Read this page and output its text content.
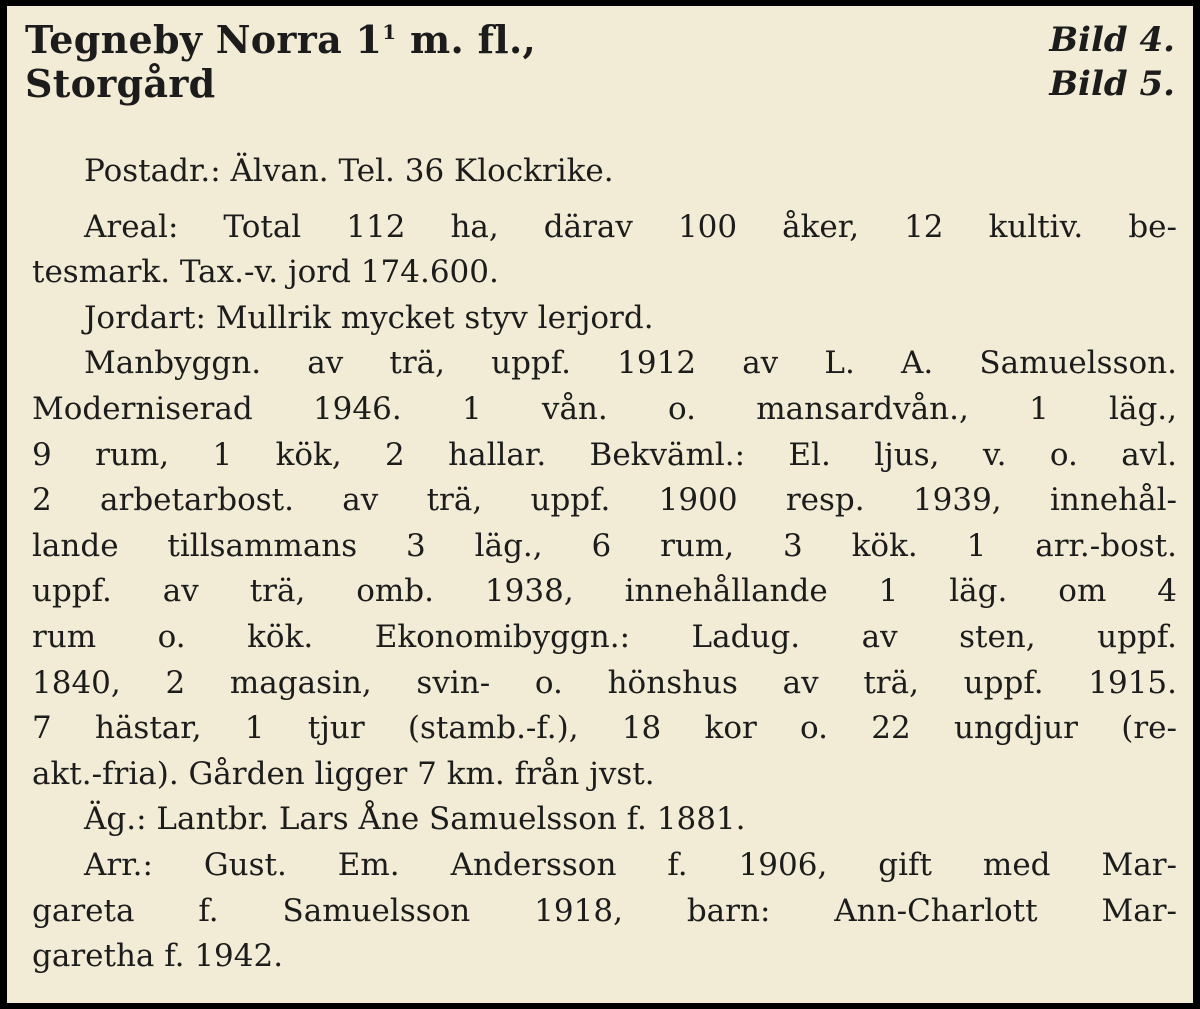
Tegneby Norra $1^1$ m. fl.,	Bild 4.
Storgård	Bild 5.
Postadr.: Älvan. Tel. 36 Klockrike.
Areal: Total 112 ha, därav 100 åker, 12 kultiv. be-
tesmark. Tax.-v. jord 174.600.
Jordart: Mullrik mycket styv lerjord.
Manbyggn. av trä, uppf. 1912 av L. A. Samuelsson.
Moderniserad 1946. 1 vån. o. mansardvån., 1 läg.,
9 rum, 1 kök, 2 hallar. Bekväml.: El. ljus, v. o. avl.
2 arbetarbost. av trä, uppf. 1900 resp. 1939, innehål-
lande tillsammans 3 läg., 6 rum, 3 kök. 1 arr.-bost.
uppf. av trä, omb. 1938, innehållande 1 läg. om 4
rum o. kök. Ekonomibyggn.: Ladug. av sten, uppf.
1840, 2 magasin, svin- o. hönshus av trä, uppf. 1915.
7 hästar, 1 tjur (stamb.-f.), 18 kor o. 22 ungdjur (re-
akt.-fria). Gården ligger 7 km. från jvst.
Äg.: Lantbr. Lars Åne Samuelsson f. 1881.
Arr.: Gust. Em. Andersson f. 1906, gift med Mar-
gareta f. Samuelsson 1918, barn: Ann-Charlott Mar-
garetha f. 1942.
